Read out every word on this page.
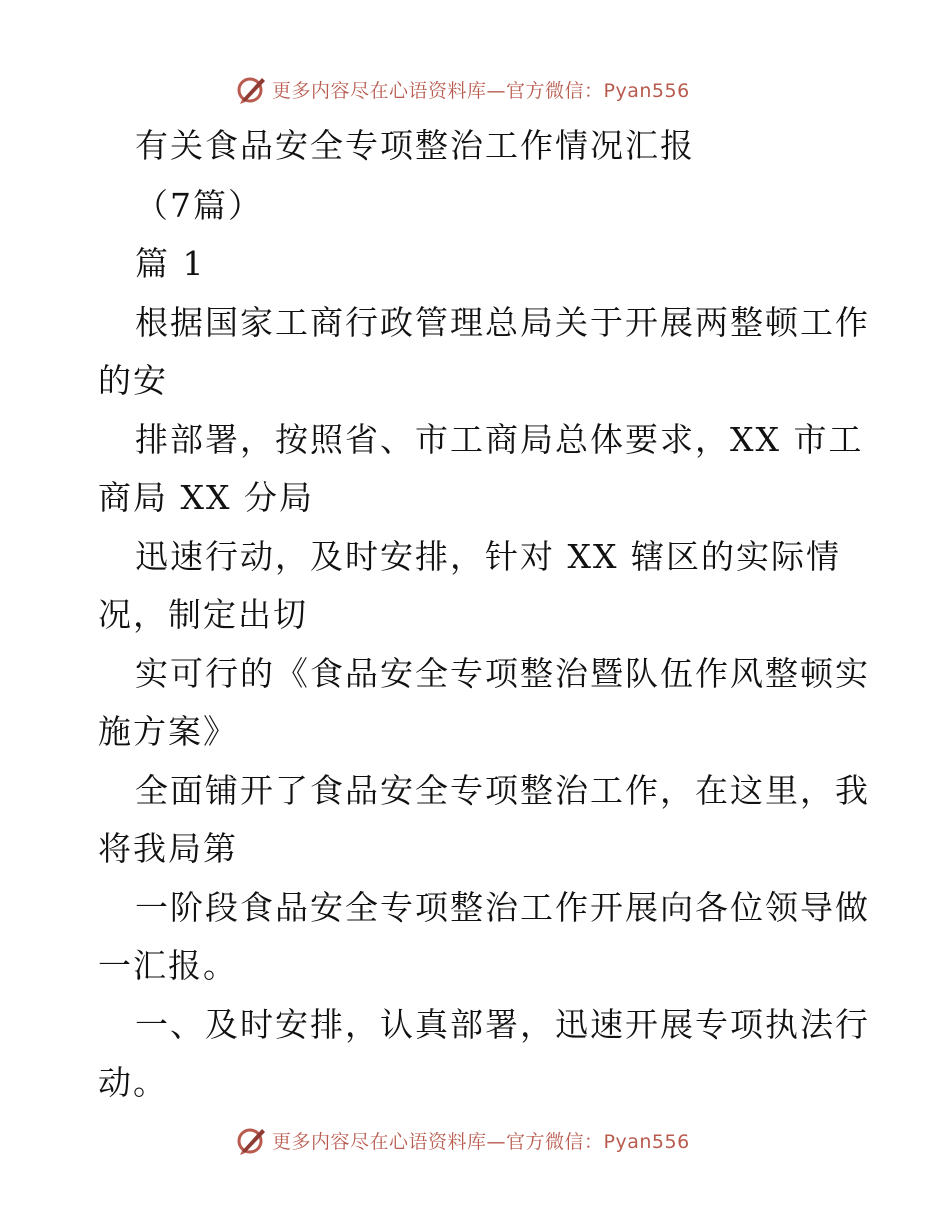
更多内容尽在心语资料库—官方微信：Pyan556
有关食品安全专项整治工作情况汇报
（7篇）
篇 1
根据国家工商行政管理总局关于开展两整顿工作
的安
排部署，按照省、市工商局总体要求，XX 市工
商局 XX 分局
迅速行动，及时安排，针对 XX 辖区的实际情
况，制定出切
实可行的《食品安全专项整治暨队伍作风整顿实
施方案》
全面铺开了食品安全专项整治工作，在这里，我
将我局第
一阶段食品安全专项整治工作开展向各位领导做
一汇报。
一、及时安排，认真部署，迅速开展专项执法行
动。
更多内容尽在心语资料库—官方微信：Pyan556
